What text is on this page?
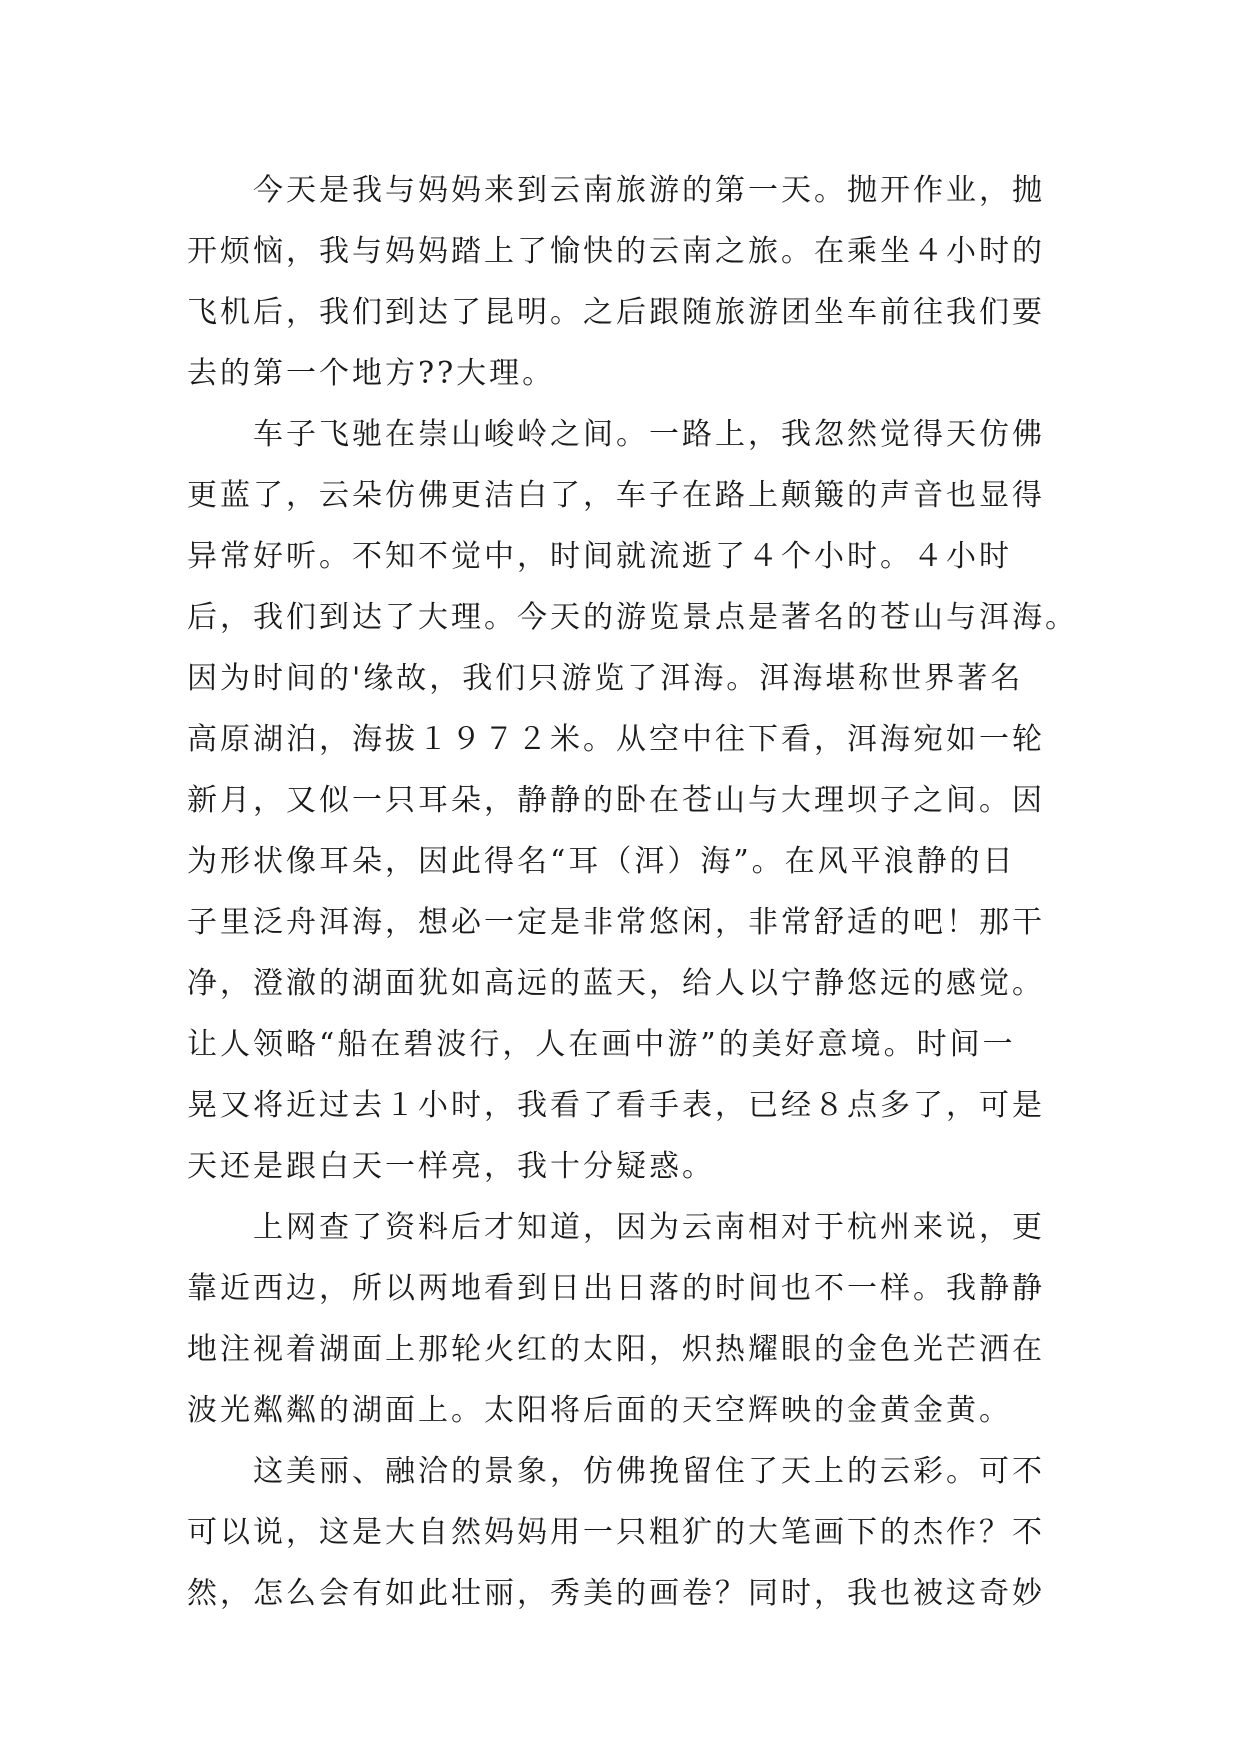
今天是我与妈妈来到云南旅游的第一天。抛开作业，抛
开烦恼，我与妈妈踏上了愉快的云南之旅。在乘坐４小时的
飞机后，我们到达了昆明。之后跟随旅游团坐车前往我们要
去的第一个地方??大理。
车子飞驰在崇山峻岭之间。一路上，我忽然觉得天仿佛
更蓝了，云朵仿佛更洁白了，车子在路上颠簸的声音也显得
异常好听。不知不觉中，时间就流逝了４个小时。４小时
后，我们到达了大理。今天的游览景点是著名的苍山与洱海。
因为时间的'缘故，我们只游览了洱海。洱海堪称世界著名
高原湖泊，海拔１９７２米。从空中往下看，洱海宛如一轮
新月，又似一只耳朵，静静的卧在苍山与大理坝子之间。因
为形状像耳朵，因此得名“耳（洱）海”。在风平浪静的日
子里泛舟洱海，想必一定是非常悠闲，非常舒适的吧！那干
净，澄澈的湖面犹如高远的蓝天，给人以宁静悠远的感觉。
让人领略“船在碧波行，人在画中游”的美好意境。时间一
晃又将近过去１小时，我看了看手表，已经８点多了，可是
天还是跟白天一样亮，我十分疑惑。
上网查了资料后才知道，因为云南相对于杭州来说，更
靠近西边，所以两地看到日出日落的时间也不一样。我静静
地注视着湖面上那轮火红的太阳，炽热耀眼的金色光芒洒在
波光粼粼的湖面上。太阳将后面的天空辉映的金黄金黄。
这美丽、融洽的景象，仿佛挽留住了天上的云彩。可不
可以说，这是大自然妈妈用一只粗犷的大笔画下的杰作？不
然，怎么会有如此壮丽，秀美的画卷？同时，我也被这奇妙
